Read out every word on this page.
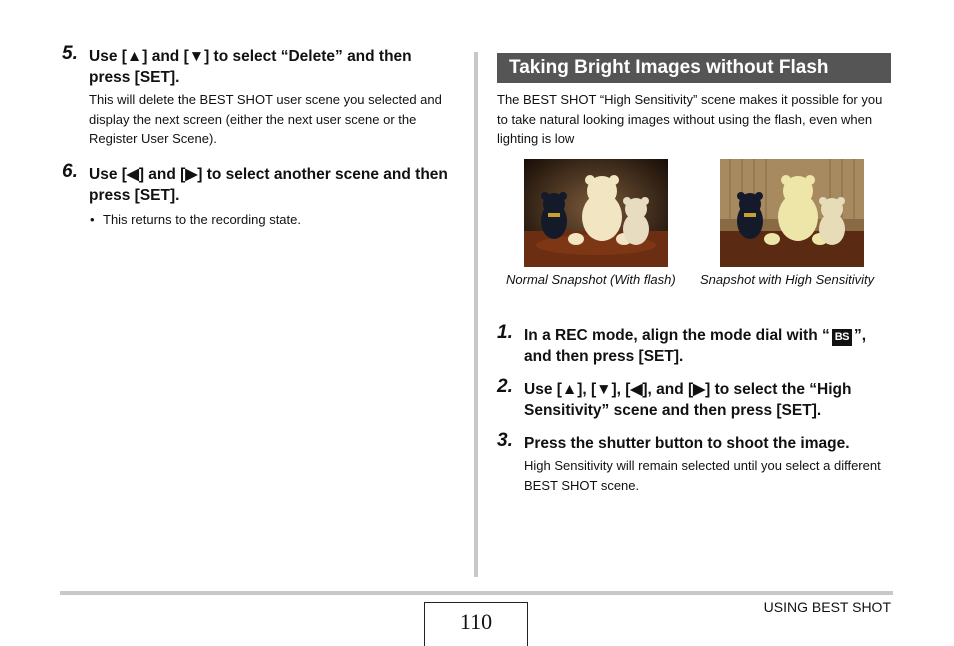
5. Use [▲] and [▼] to select “Delete” and then press [SET].

This will delete the BEST SHOT user scene you selected and display the next screen (either the next user scene or the Register User Scene).

6. Use [◀] and [▶] to select another scene and then press [SET].

• This returns to the recording state.

Taking Bright Images without Flash

The BEST SHOT “High Sensitivity” scene makes it possible for you to take natural looking images without using the flash, even when lighting is low

Normal Snapshot (With flash) Snapshot with High Sensitivity
1. In a REC mode, align the mode dial with “ BS ”, and then press [SET].

2. Use [▲], [▼], [◀], and [▶] to select the “High Sensitivity” scene and then press [SET].

3. Press the shutter button to shoot the image.

High Sensitivity will remain selected until you select a different BEST SHOT scene.

110
USING BEST SHOT
